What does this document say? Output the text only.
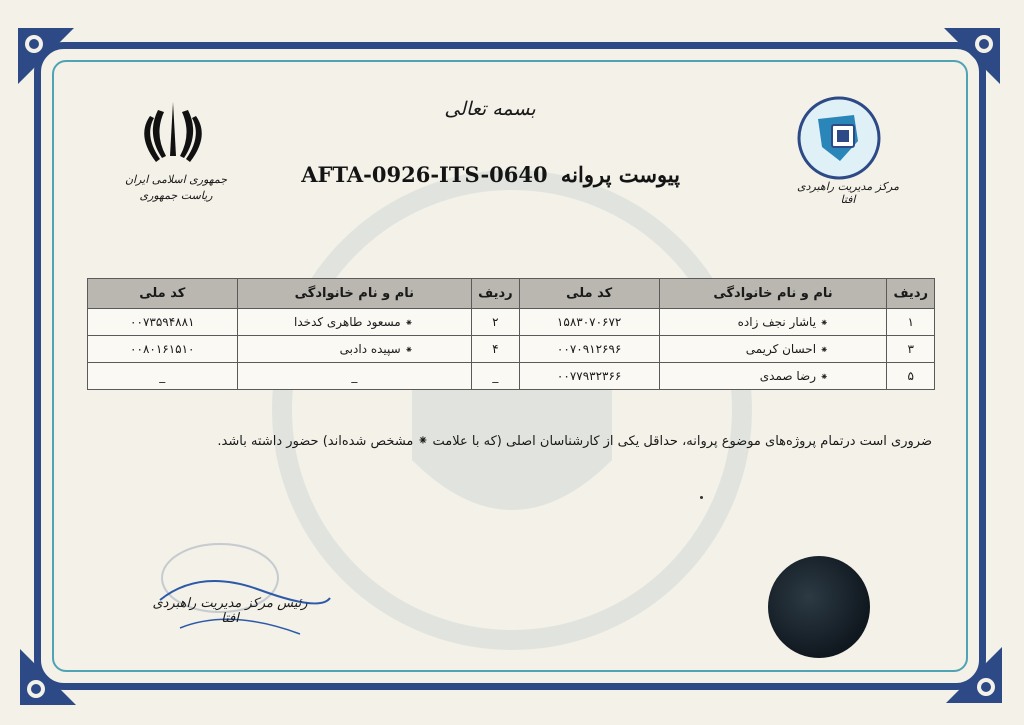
جمهوری اسلامی ایران
ریاست جمهوری
بسمه تعالی
پیوست پروانه AFTA-0926-ITS-0640	مرکز مدیریت راهبردی افتا
ردیف	نام و نام خانوادگی	کد ملی	ردیف	نام و نام خانوادگی	کد ملی
۱	⁕یاشار نجف زاده	۱۵۸۳۰۷۰۶۷۲	۲	⁕مسعود طاهری کدخدا	۰۰۷۳۵۹۴۸۸۱
۳	⁕احسان کریمی	۰۰۷۰۹۱۲۶۹۶	۴	⁕سپیده دادبی	۰۰۸۰۱۶۱۵۱۰
۵	⁕رضا صمدی	۰۰۷۷۹۳۲۳۶۶	_	_	_
ضروری است درتمام پروژه‌های موضوع پروانه، حداقل یکی از کارشناسان اصلی (که با علامت ⁕ مشخص شده‌اند) حضور داشته باشد.
رئیس مرکز مدیریت راهبردی افتا
